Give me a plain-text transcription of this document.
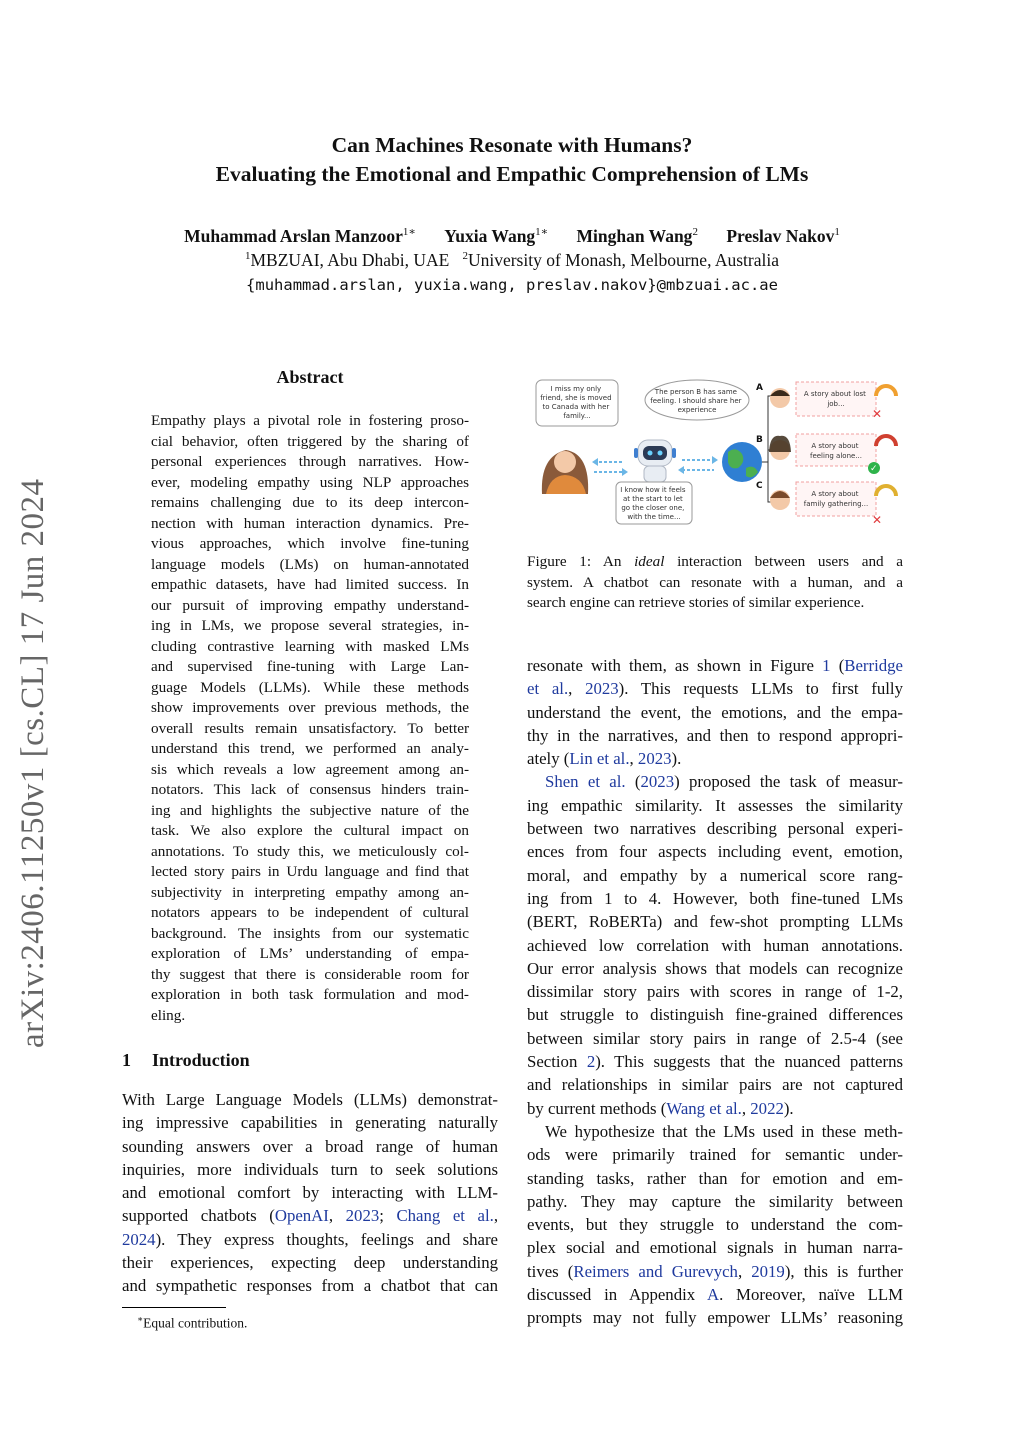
arXiv:2406.11250v1 [cs.CL] 17 Jun 2024
Can Machines Resonate with Humans?
Evaluating the Emotional and Empathic Comprehension of LMs
Muhammad Arslan Manzoor$^{1∗}$ Yuxia Wang$^{1∗}$ Minghan Wang$^2$ Preslav Nakov$^1$
$^1$MBZUAI, Abu Dhabi, UAE $^2$University of Monash, Melbourne, Australia
{muhammad.arslan, yuxia.wang, preslav.nakov}@mbzuai.ac.ae
Abstract
Empathy plays a pivotal role in fostering proso-
cial behavior, often triggered by the sharing of
personal experiences through narratives. How-
ever, modeling empathy using NLP approaches
remains challenging due to its deep intercon-
nection with human interaction dynamics. Pre-
vious approaches, which involve fine-tuning
language models (LMs) on human-annotated
empathic datasets, have had limited success. In
our pursuit of improving empathy understand-
ing in LMs, we propose several strategies, in-
cluding contrastive learning with masked LMs
and supervised fine-tuning with Large Lan-
guage Models (LLMs). While these methods
show improvements over previous methods, the
overall results remain unsatisfactory. To better
understand this trend, we performed an analy-
sis which reveals a low agreement among an-
notators. This lack of consensus hinders train-
ing and highlights the subjective nature of the
task. We also explore the cultural impact on
annotations. To study this, we meticulously col-
lected story pairs in Urdu language and find that
subjectivity in interpreting empathy among an-
notators appears to be independent of cultural
background. The insights from our systematic
exploration of LMs’ understanding of empa-
thy suggest that there is considerable room for
exploration in both task formulation and mod-
eling.
1 Introduction
With Large Language Models (LLMs) demonstrat-
ing impressive capabilities in generating naturally
sounding answers over a broad range of human
inquiries, more individuals turn to seek solutions
and emotional comfort by interacting with LLM-
supported chatbots (OpenAI, 2023; Chang et al.,
2024). They express thoughts, feelings and share
their experiences, expecting deep understanding
and sympathetic responses from a chatbot that can
∗Equal contribution.
I miss my only friend, she is moved to Canada with her family...
The person B has same feeling. I should share her experience
I know how it feels at the start to let go the closer one, with the time...
A
A story about lost job...
✕
B
A story about feeling alone...
✓
C
A story about family gathering...
✕
Figure 1: An ideal interaction between users and a
system. A chatbot can resonate with a human, and a
search engine can retrieve stories of similar experience.
resonate with them, as shown in Figure 1 (Berridge
et al., 2023). This requests LLMs to first fully
understand the event, the emotions, and the empa-
thy in the narratives, and then to respond appropri-
ately (Lin et al., 2023).
Shen et al. (2023) proposed the task of measur-
ing empathic similarity. It assesses the similarity
between two narratives describing personal experi-
ences from four aspects including event, emotion,
moral, and empathy by a numerical score rang-
ing from 1 to 4. However, both fine-tuned LMs
(BERT, RoBERTa) and few-shot prompting LLMs
achieved low correlation with human annotations.
Our error analysis shows that models can recognize
dissimilar story pairs with scores in range of 1-2,
but struggle to distinguish fine-grained differences
between similar story pairs in range of 2.5-4 (see
Section 2). This suggests that the nuanced patterns
and relationships in similar pairs are not captured
by current methods (Wang et al., 2022).
We hypothesize that the LMs used in these meth-
ods were primarily trained for semantic under-
standing tasks, rather than for emotion and em-
pathy. They may capture the similarity between
events, but they struggle to understand the com-
plex social and emotional signals in human narra-
tives (Reimers and Gurevych, 2019), this is further
discussed in Appendix A. Moreover, naïve LLM
prompts may not fully empower LLMs’ reasoning
